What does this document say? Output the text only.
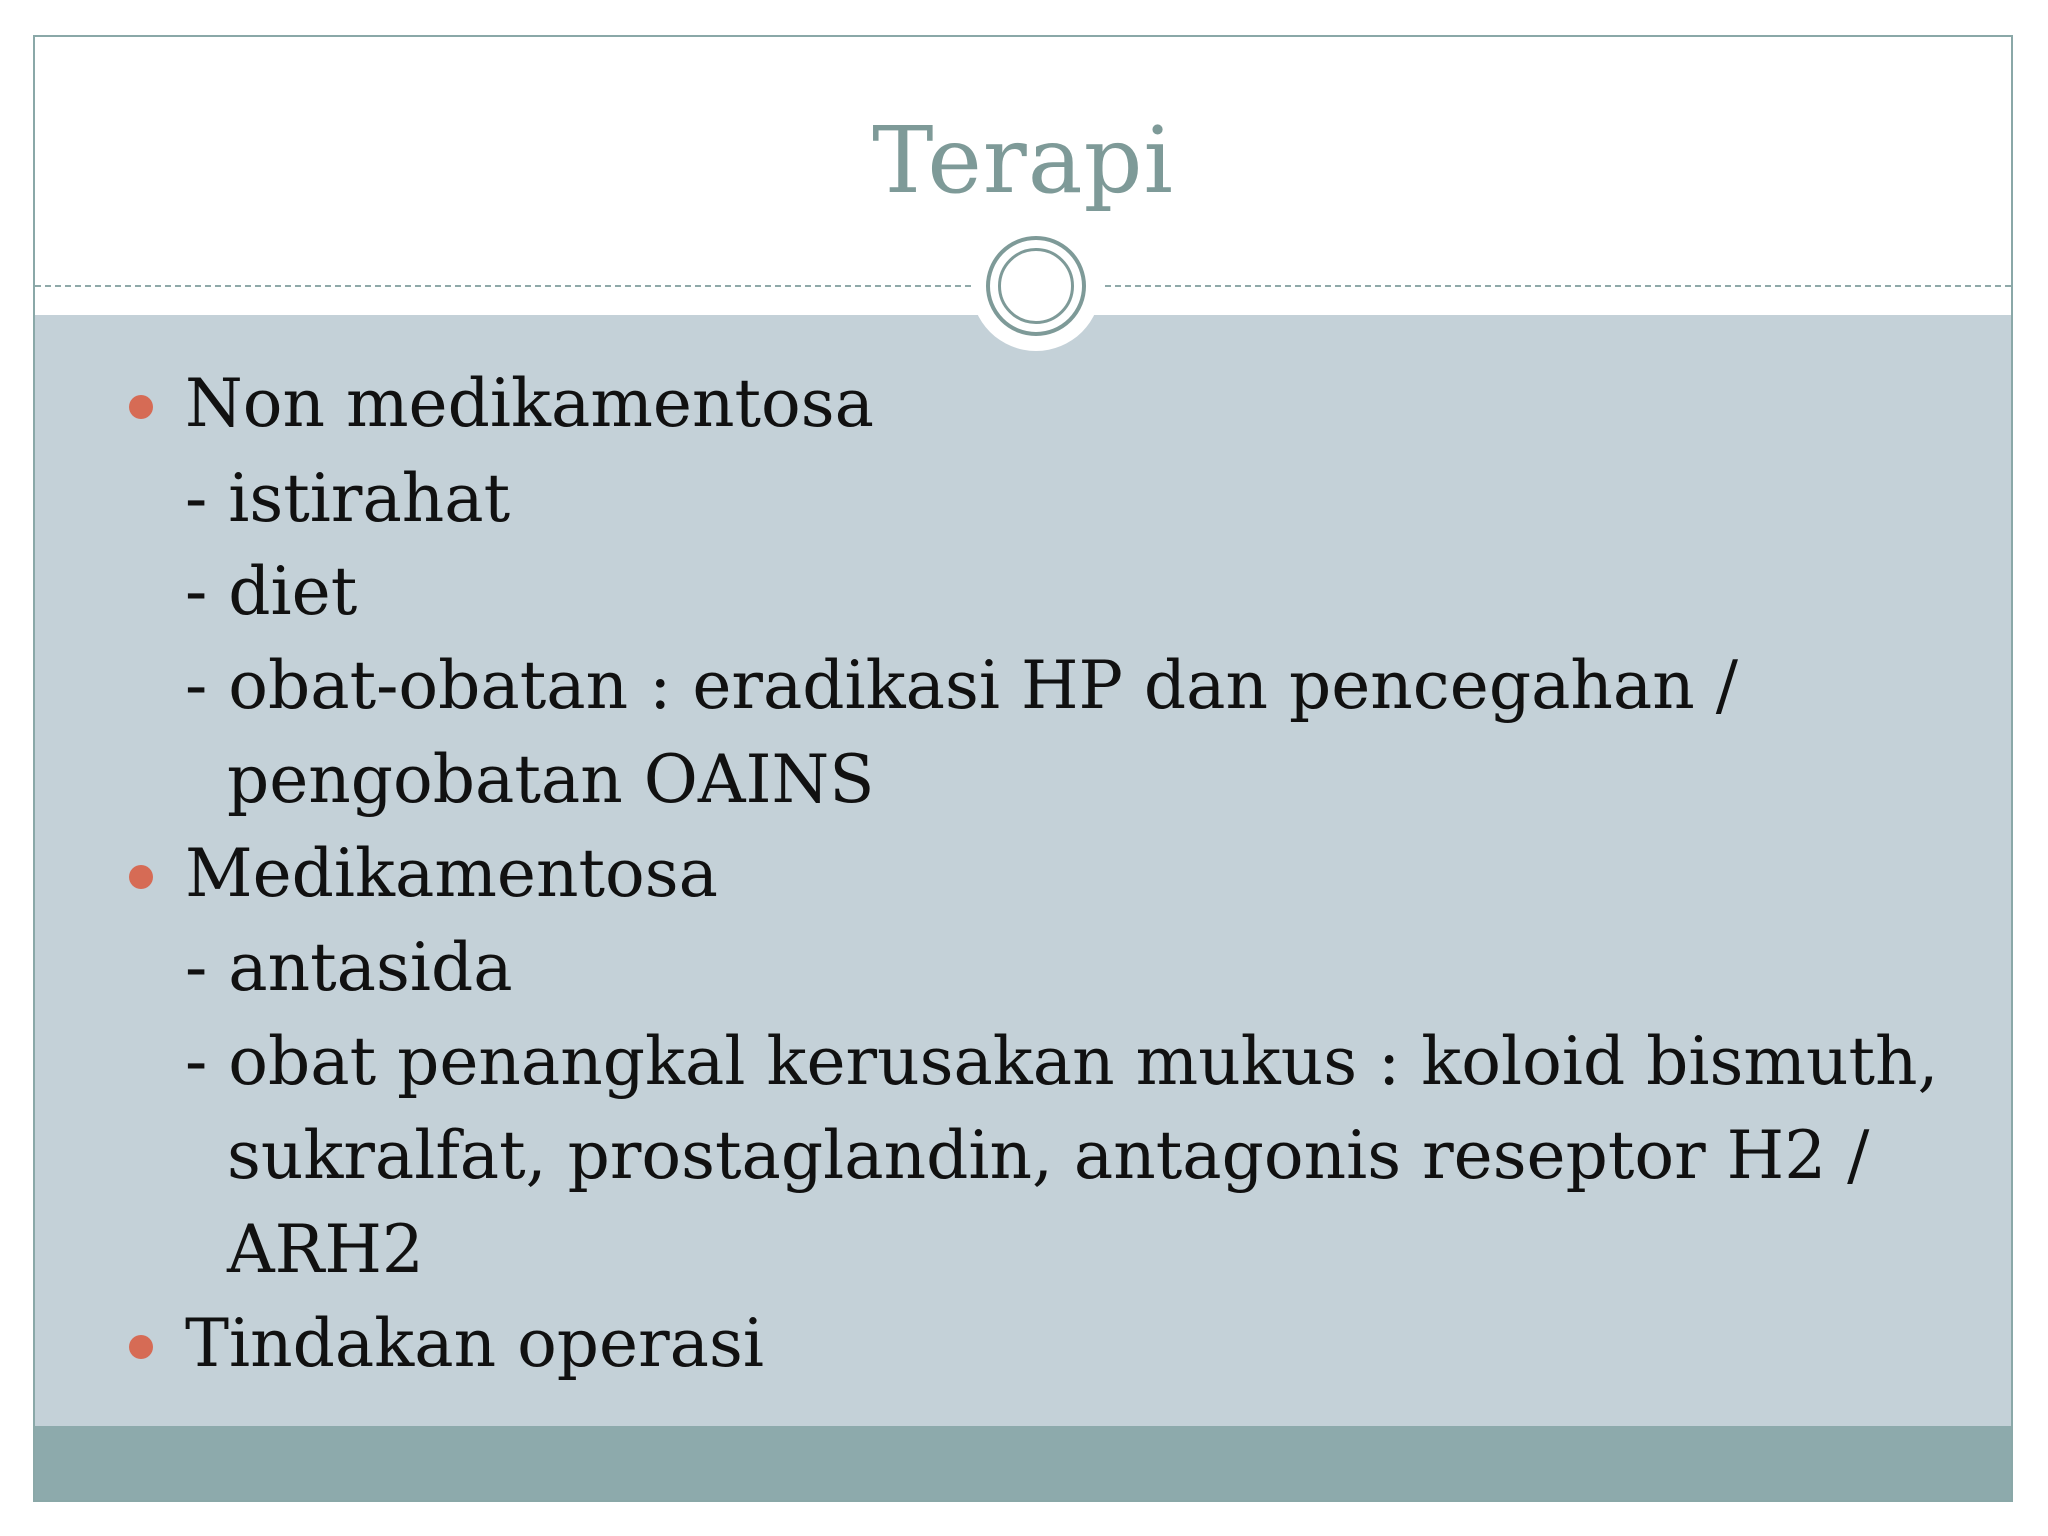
Terapi
Non medikamentosa
- istirahat
- diet
- obat-obatan : eradikasi HP dan pencegahan /
pengobatan OAINS
Medikamentosa
- antasida
- obat penangkal kerusakan mukus : koloid bismuth,
sukralfat, prostaglandin, antagonis reseptor H2 /
ARH2
Tindakan operasi
